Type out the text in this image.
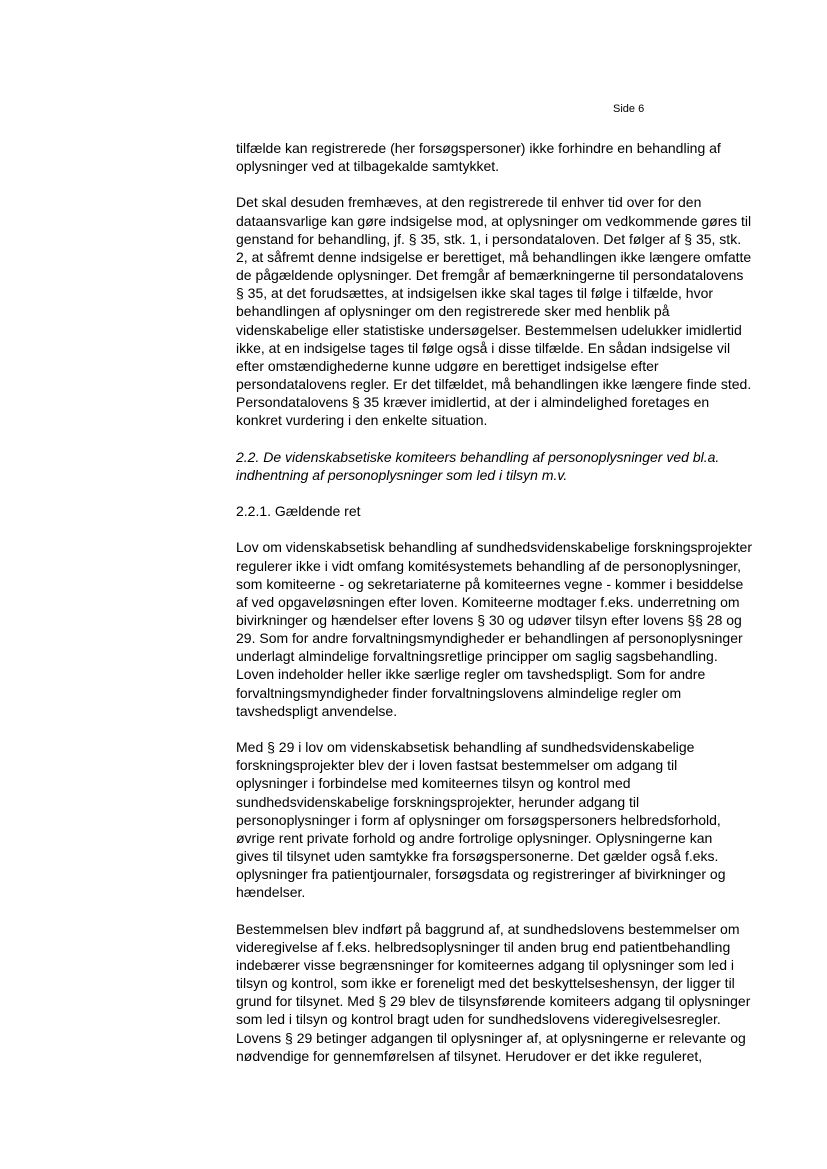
Side 6

tilfælde kan registrerede (her forsøgspersoner) ikke forhindre en behandling af
oplysninger ved at tilbagekalde samtykket.

Det skal desuden fremhæves, at den registrerede til enhver tid over for den
dataansvarlige kan gøre indsigelse mod, at oplysninger om vedkommende gøres til
genstand for behandling, jf. § 35, stk. 1, i persondataloven. Det følger af § 35, stk.
2, at såfremt denne indsigelse er berettiget, må behandlingen ikke længere omfatte
de pågældende oplysninger. Det fremgår af bemærkningerne til persondatalovens
§ 35, at det forudsættes, at indsigelsen ikke skal tages til følge i tilfælde, hvor
behandlingen af oplysninger om den registrerede sker med henblik på
videnskabelige eller statistiske undersøgelser. Bestemmelsen udelukker imidlertid
ikke, at en indsigelse tages til følge også i disse tilfælde. En sådan indsigelse vil
efter omstændighederne kunne udgøre en berettiget indsigelse efter
persondatalovens regler. Er det tilfældet, må behandlingen ikke længere finde sted.
Persondatalovens § 35 kræver imidlertid, at der i almindelighed foretages en
konkret vurdering i den enkelte situation.

2.2. De videnskabsetiske komiteers behandling af personoplysninger ved bl.a.
indhentning af personoplysninger som led i tilsyn m.v.

2.2.1. Gældende ret

Lov om videnskabsetisk behandling af sundhedsvidenskabelige forskningsprojekter
regulerer ikke i vidt omfang komitésystemets behandling af de personoplysninger,
som komiteerne - og sekretariaterne på komiteernes vegne - kommer i besiddelse
af ved opgaveløsningen efter loven. Komiteerne modtager f.eks. underretning om
bivirkninger og hændelser efter lovens § 30 og udøver tilsyn efter lovens §§ 28 og
29. Som for andre forvaltningsmyndigheder er behandlingen af personoplysninger
underlagt almindelige forvaltningsretlige principper om saglig sagsbehandling.
Loven indeholder heller ikke særlige regler om tavshedspligt. Som for andre
forvaltningsmyndigheder finder forvaltningslovens almindelige regler om
tavshedspligt anvendelse.

Med § 29 i lov om videnskabsetisk behandling af sundhedsvidenskabelige
forskningsprojekter blev der i loven fastsat bestemmelser om adgang til
oplysninger i forbindelse med komiteernes tilsyn og kontrol med
sundhedsvidenskabelige forskningsprojekter, herunder adgang til
personoplysninger i form af oplysninger om forsøgspersoners helbredsforhold,
øvrige rent private forhold og andre fortrolige oplysninger. Oplysningerne kan
gives til tilsynet uden samtykke fra forsøgspersonerne. Det gælder også f.eks.
oplysninger fra patientjournaler, forsøgsdata og registreringer af bivirkninger og
hændelser.

Bestemmelsen blev indført på baggrund af, at sundhedslovens bestemmelser om
videregivelse af f.eks. helbredsoplysninger til anden brug end patientbehandling
indebærer visse begrænsninger for komiteernes adgang til oplysninger som led i
tilsyn og kontrol, som ikke er foreneligt med det beskyttelseshensyn, der ligger til
grund for tilsynet. Med § 29 blev de tilsynsførende komiteers adgang til oplysninger
som led i tilsyn og kontrol bragt uden for sundhedslovens videregivelsesregler.
Lovens § 29 betinger adgangen til oplysninger af, at oplysningerne er relevante og
nødvendige for gennemførelsen af tilsynet. Herudover er det ikke reguleret,
